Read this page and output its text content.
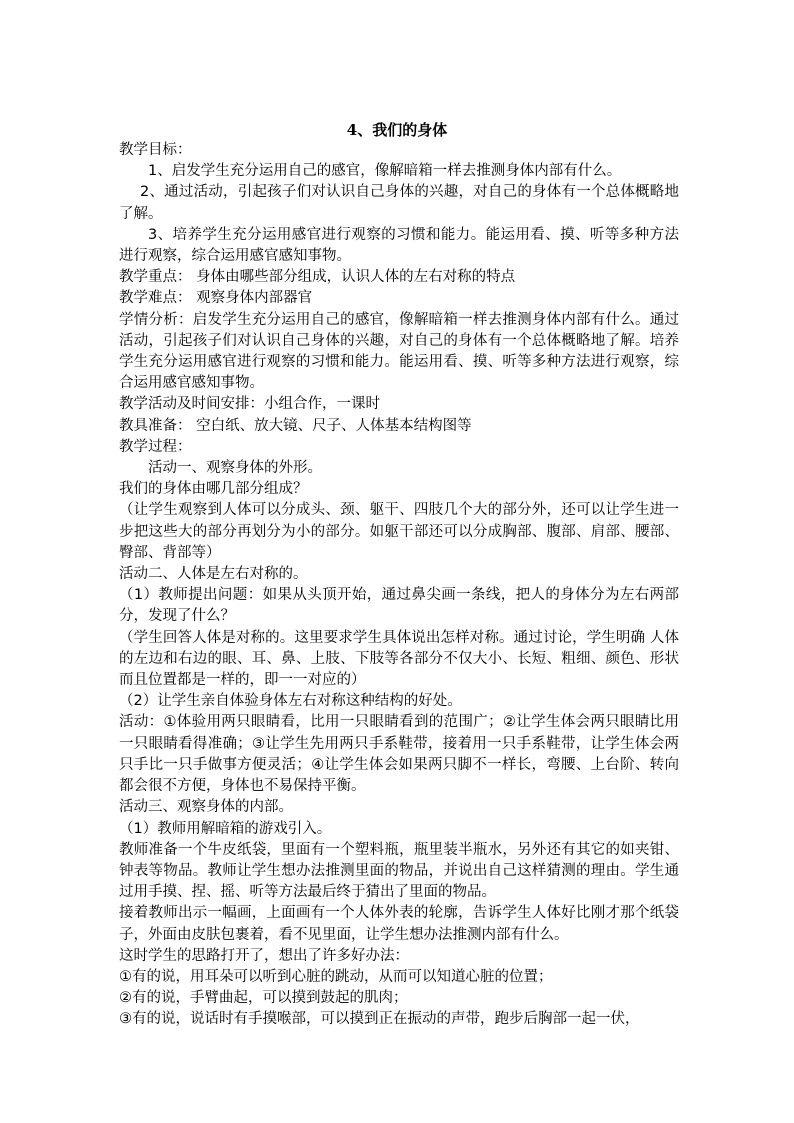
4、我们的身体

教学目标：

1、启发学生充分运用自己的感官，像解暗箱一样去推测身体内部有什么。

2、通过活动，引起孩子们对认识自己身体的兴趣，对自己的身体有一个总体概略地了解。

3、培养学生充分运用感官进行观察的习惯和能力。能运用看、摸、听等多种方法进行观察，综合运用感官感知事物。

教学重点： 身体由哪些部分组成，认识人体的左右对称的特点

教学难点： 观察身体内部器官

学情分析：启发学生充分运用自己的感官，像解暗箱一样去推测身体内部有什么。通过活动，引起孩子们对认识自己身体的兴趣，对自己的身体有一个总体概略地了解。培养学生充分运用感官进行观察的习惯和能力。能运用看、摸、听等多种方法进行观察，综合运用感官感知事物。

教学活动及时间安排：小组合作，一课时

教具准备： 空白纸、放大镜、尺子、人体基本结构图等

教学过程：

活动一、观察身体的外形。

我们的身体由哪几部分组成？

（让学生观察到人体可以分成头、颈、躯干、四肢几个大的部分外，还可以让学生进一步把这些大的部分再划分为小的部分。如躯干部还可以分成胸部、腹部、肩部、腰部、臀部、背部等）

活动二、人体是左右对称的。

（1）教师提出问题：如果从头顶开始，通过鼻尖画一条线，把人的身体分为左右两部分，发现了什么？

（学生回答人体是对称的。这里要求学生具体说出怎样对称。通过讨论，学生明确 人体的左边和右边的眼、耳、鼻、上肢、下肢等各部分不仅大小、长短、粗细、颜色、形状而且位置都是一样的，即一一对应的）

（2）让学生亲自体验身体左右对称这种结构的好处。

活动：①体验用两只眼睛看，比用一只眼睛看到的范围广；②让学生体会两只眼睛比用一只眼睛看得准确；③让学生先用两只手系鞋带，接着用一只手系鞋带，让学生体会两只手比一只手做事方便灵活；④让学生体会如果两只脚不一样长，弯腰、上台阶、转向都会很不方便，身体也不易保持平衡。

活动三、观察身体的内部。

（1）教师用解暗箱的游戏引入。

教师准备一个牛皮纸袋，里面有一个塑料瓶，瓶里装半瓶水，另外还有其它的如夹钳、钟表等物品。教师让学生想办法推测里面的物品，并说出自己这样猜测的理由。学生通过用手摸、捏、摇、听等方法最后终于猜出了里面的物品。

接着教师出示一幅画，上面画有一个人体外表的轮廓，告诉学生人体好比刚才那个纸袋子，外面由皮肤包裹着，看不见里面，让学生想办法推测内部有什么。

这时学生的思路打开了，想出了许多好办法：

①有的说，用耳朵可以听到心脏的跳动，从而可以知道心脏的位置；

②有的说，手臂曲起，可以摸到鼓起的肌肉；

③有的说，说话时有手摸喉部，可以摸到正在振动的声带，跑步后胸部一起一伏，
